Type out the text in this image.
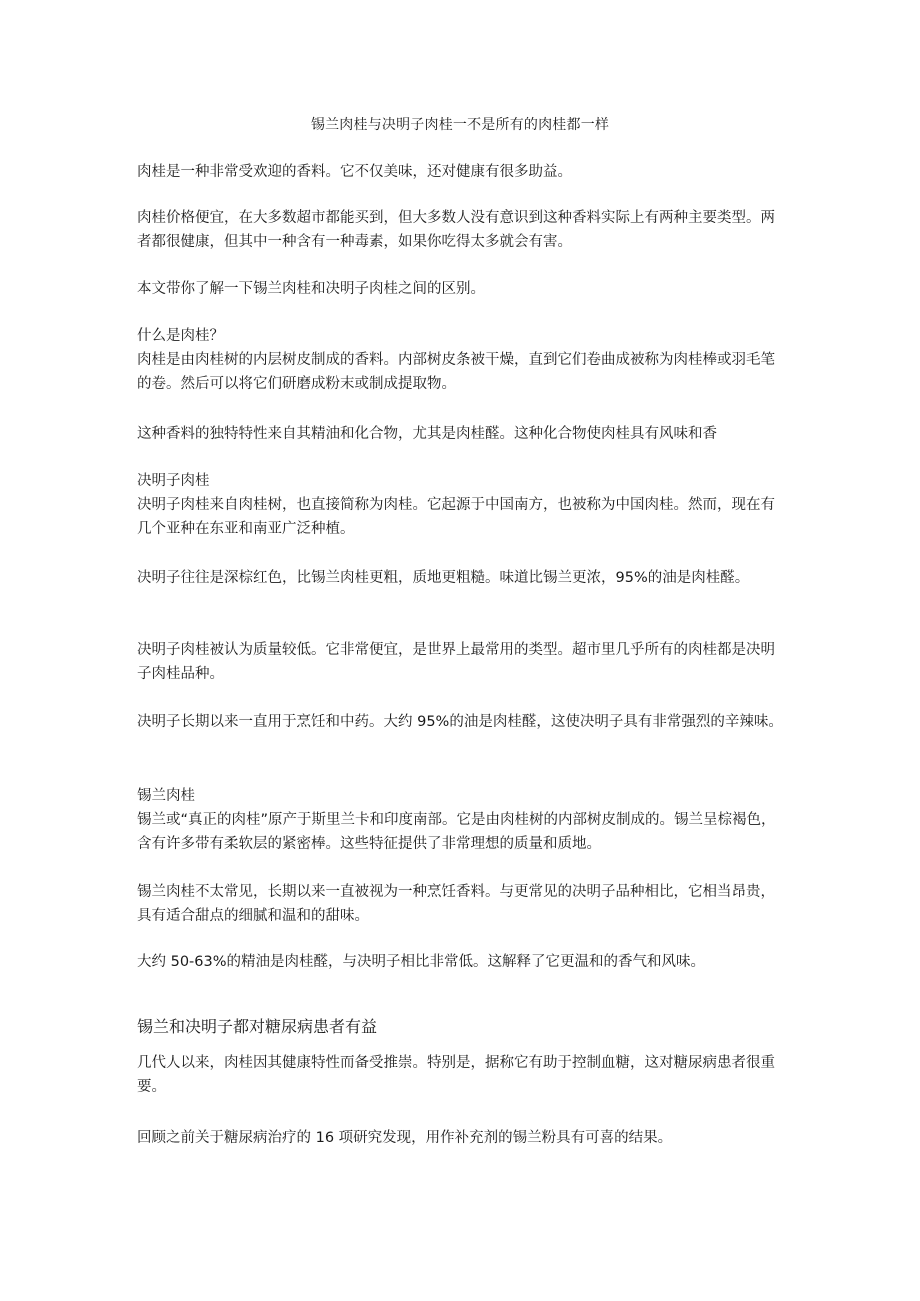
锡兰肉桂与决明子肉桂一不是所有的肉桂都一样

肉桂是一种非常受欢迎的香料。它不仅美味，还对健康有很多助益。

肉桂价格便宜，在大多数超市都能买到，但大多数人没有意识到这种香料实际上有两种主要类型。两者都很健康，但其中一种含有一种毒素，如果你吃得太多就会有害。

本文带你了解一下锡兰肉桂和决明子肉桂之间的区别。

什么是肉桂？

肉桂是由肉桂树的内层树皮制成的香料。内部树皮条被干燥，直到它们卷曲成被称为肉桂棒或羽毛笔的卷。然后可以将它们研磨成粉末或制成提取物。

这种香料的独特特性来自其精油和化合物，尤其是肉桂醛。这种化合物使肉桂具有风味和香

决明子肉桂

决明子肉桂来自肉桂树，也直接简称为肉桂。它起源于中国南方，也被称为中国肉桂。然而，现在有几个亚种在东亚和南亚广泛种植。

决明子往往是深棕红色，比锡兰肉桂更粗，质地更粗糙。味道比锡兰更浓，95%的油是肉桂醛。

决明子肉桂被认为质量较低。它非常便宜，是世界上最常用的类型。超市里几乎所有的肉桂都是决明子肉桂品种。

决明子长期以来一直用于烹饪和中药。大约 95%的油是肉桂醛，这使决明子具有非常强烈的辛辣味。

锡兰肉桂

锡兰或“真正的肉桂”原产于斯里兰卡和印度南部。它是由肉桂树的内部树皮制成的。锡兰呈棕褐色，含有许多带有柔软层的紧密棒。这些特征提供了非常理想的质量和质地。

锡兰肉桂不太常见，长期以来一直被视为一种烹饪香料。与更常见的决明子品种相比，它相当昂贵，具有适合甜点的细腻和温和的甜味。

大约 50-63%的精油是肉桂醛，与决明子相比非常低。这解释了它更温和的香气和风味。

锡兰和决明子都对糖尿病患者有益

几代人以来，肉桂因其健康特性而备受推崇。特别是，据称它有助于控制血糖，这对糖尿病患者很重要。

回顾之前关于糖尿病治疗的 16 项研究发现，用作补充剂的锡兰粉具有可喜的结果。
